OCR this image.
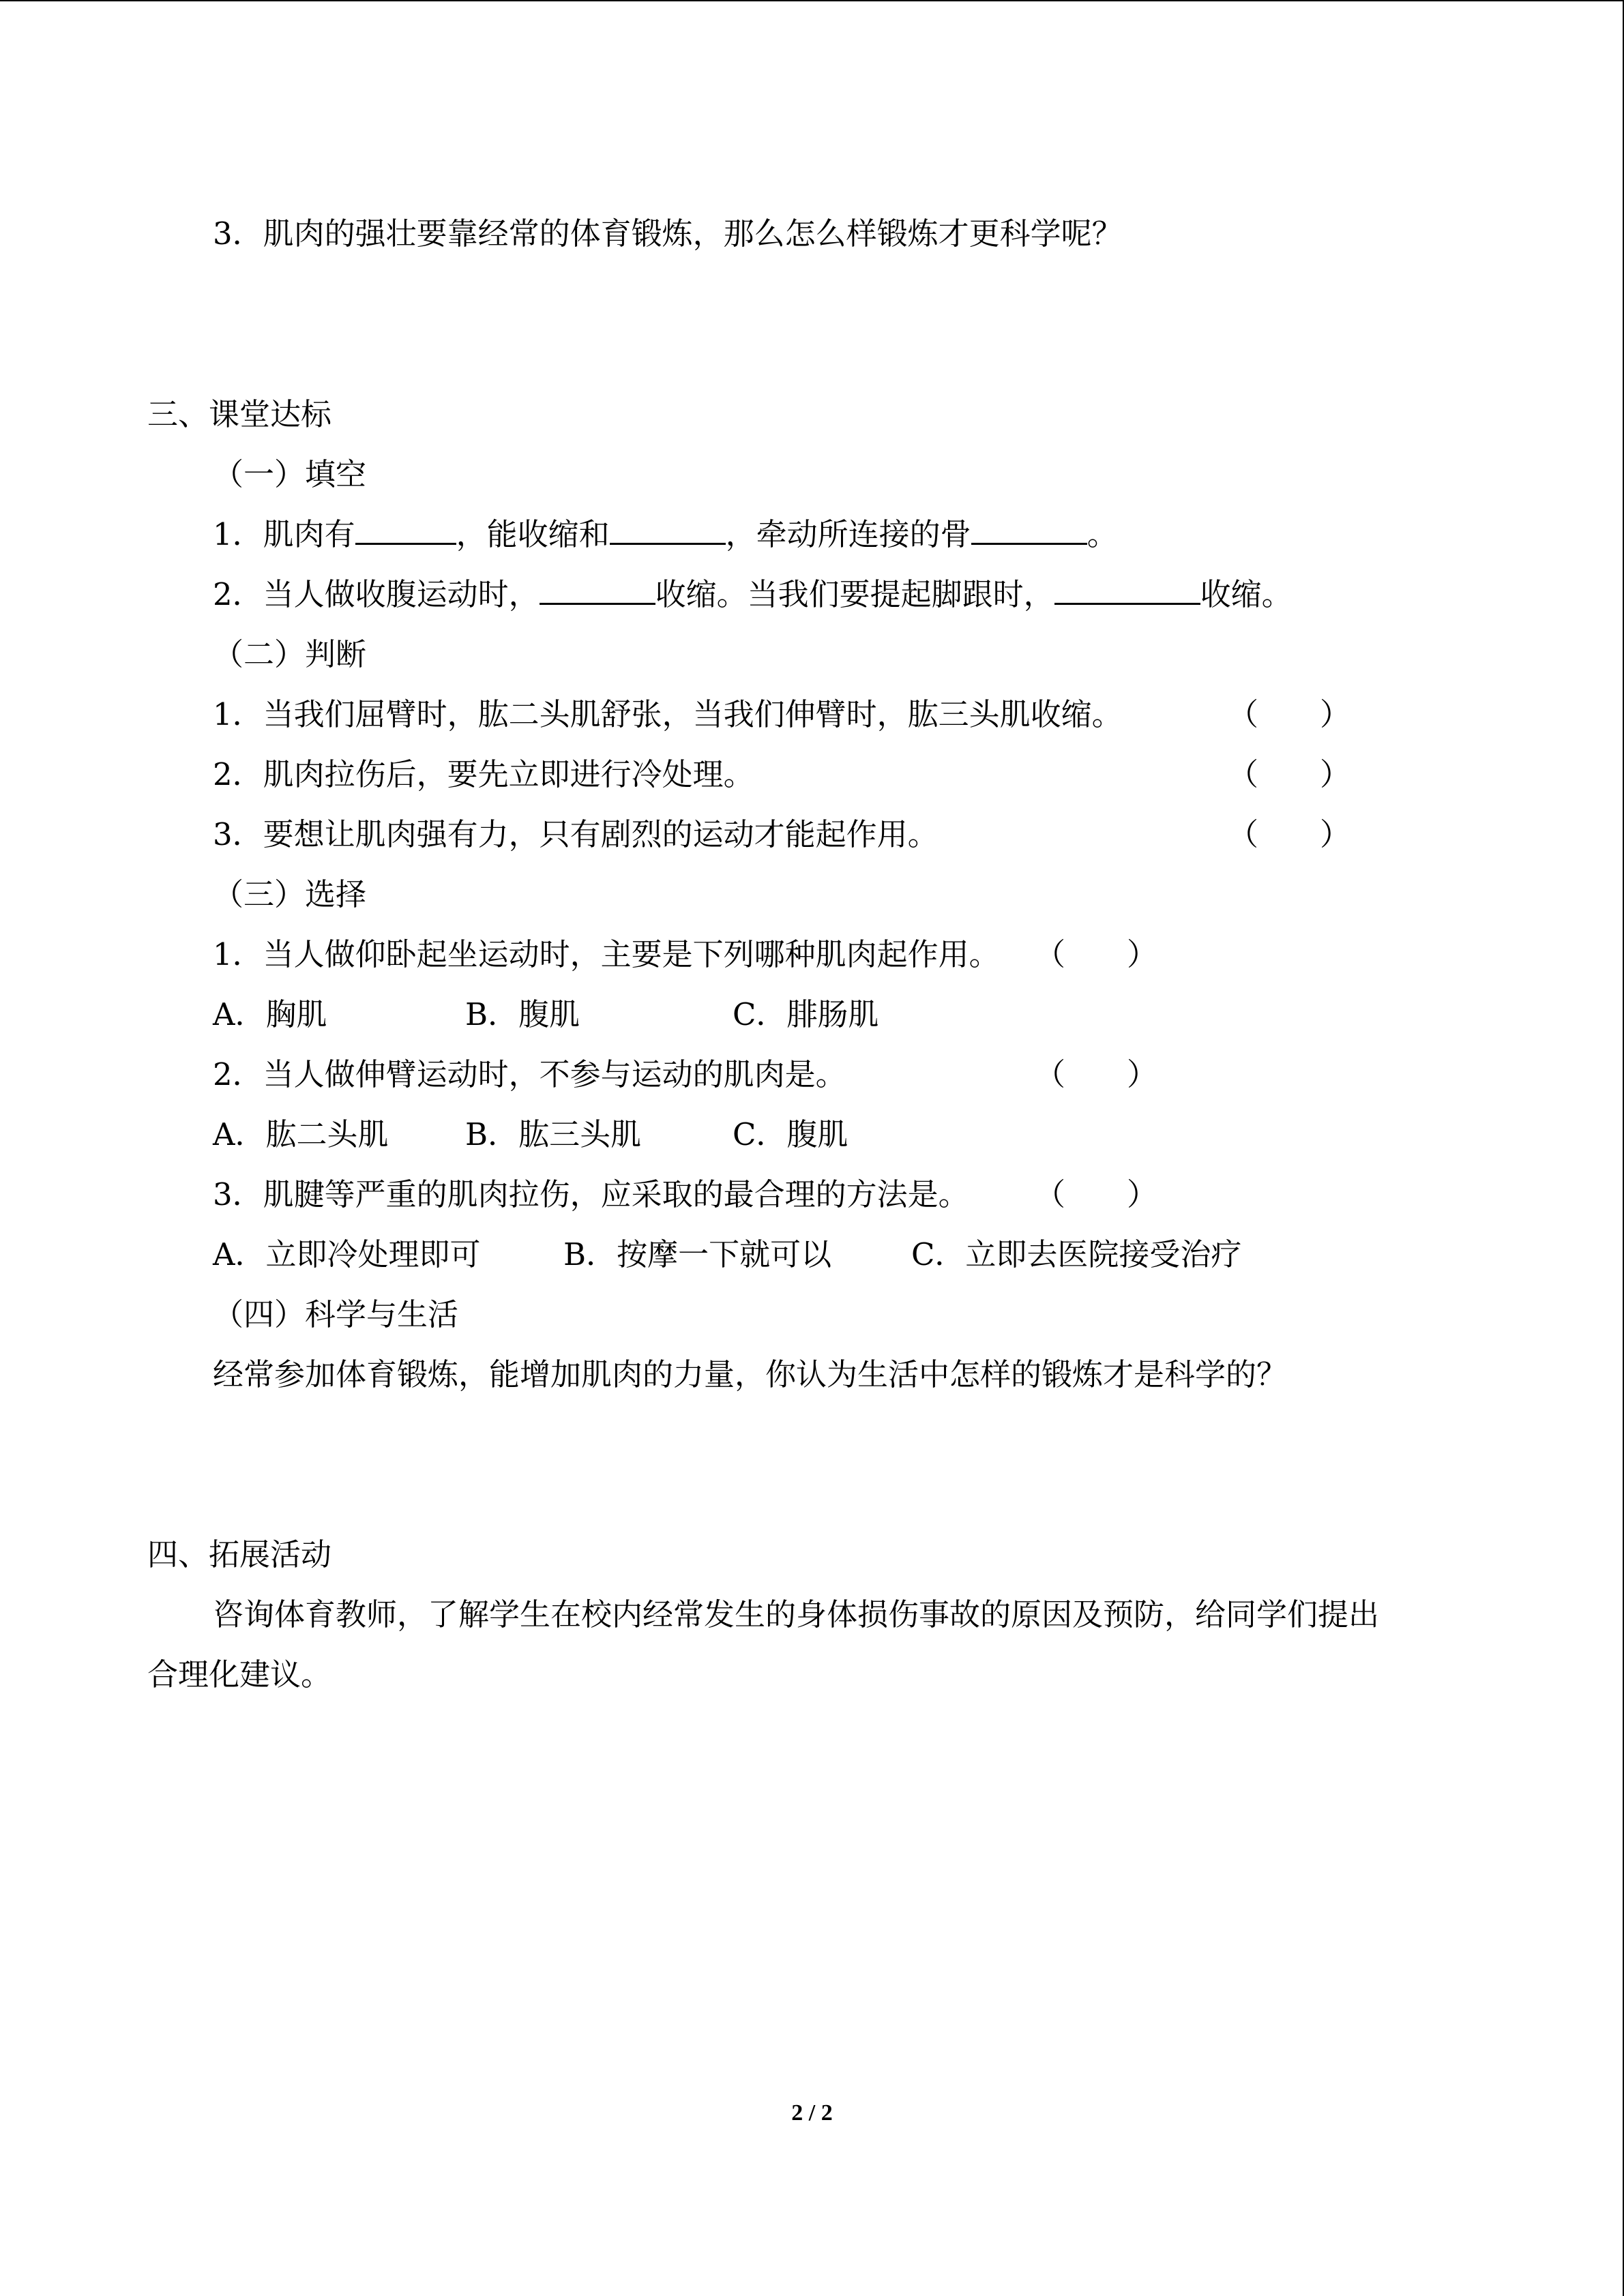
3．肌肉的强壮要靠经常的体育锻炼，那么怎么样锻炼才更科学呢？
三、课堂达标
（一）填空
1．肌肉有	，能收缩和	，牵动所连接的骨	。
2．当人做收腹运动时，	收缩。当我们要提起脚跟时，	收缩。
（二）判断
1．当我们屈臂时，肱二头肌舒张，当我们伸臂时，肱三头肌收缩。	（　　）
2．肌肉拉伤后，要先立即进行冷处理。	（　　）
3．要想让肌肉强有力，只有剧烈的运动才能起作用。	（　　）
（三）选择
1．当人做仰卧起坐运动时，主要是下列哪种肌肉起作用。 （　　）
A．胸肌	B．腹肌	C．腓肠肌
2．当人做伸臂运动时，不参与运动的肌肉是。	（　　）
A．肱二头肌	B．肱三头肌	C．腹肌
3．肌腱等严重的肌肉拉伤，应采取的最合理的方法是。 （　　）
A．立即冷处理即可	B．按摩一下就可以	C．立即去医院接受治疗
（四）科学与生活
经常参加体育锻炼，能增加肌肉的力量，你认为生活中怎样的锻炼才是科学的？
四、拓展活动
咨询体育教师，了解学生在校内经常发生的身体损伤事故的原因及预防，给同学们提出
合理化建议。
2 / 2
